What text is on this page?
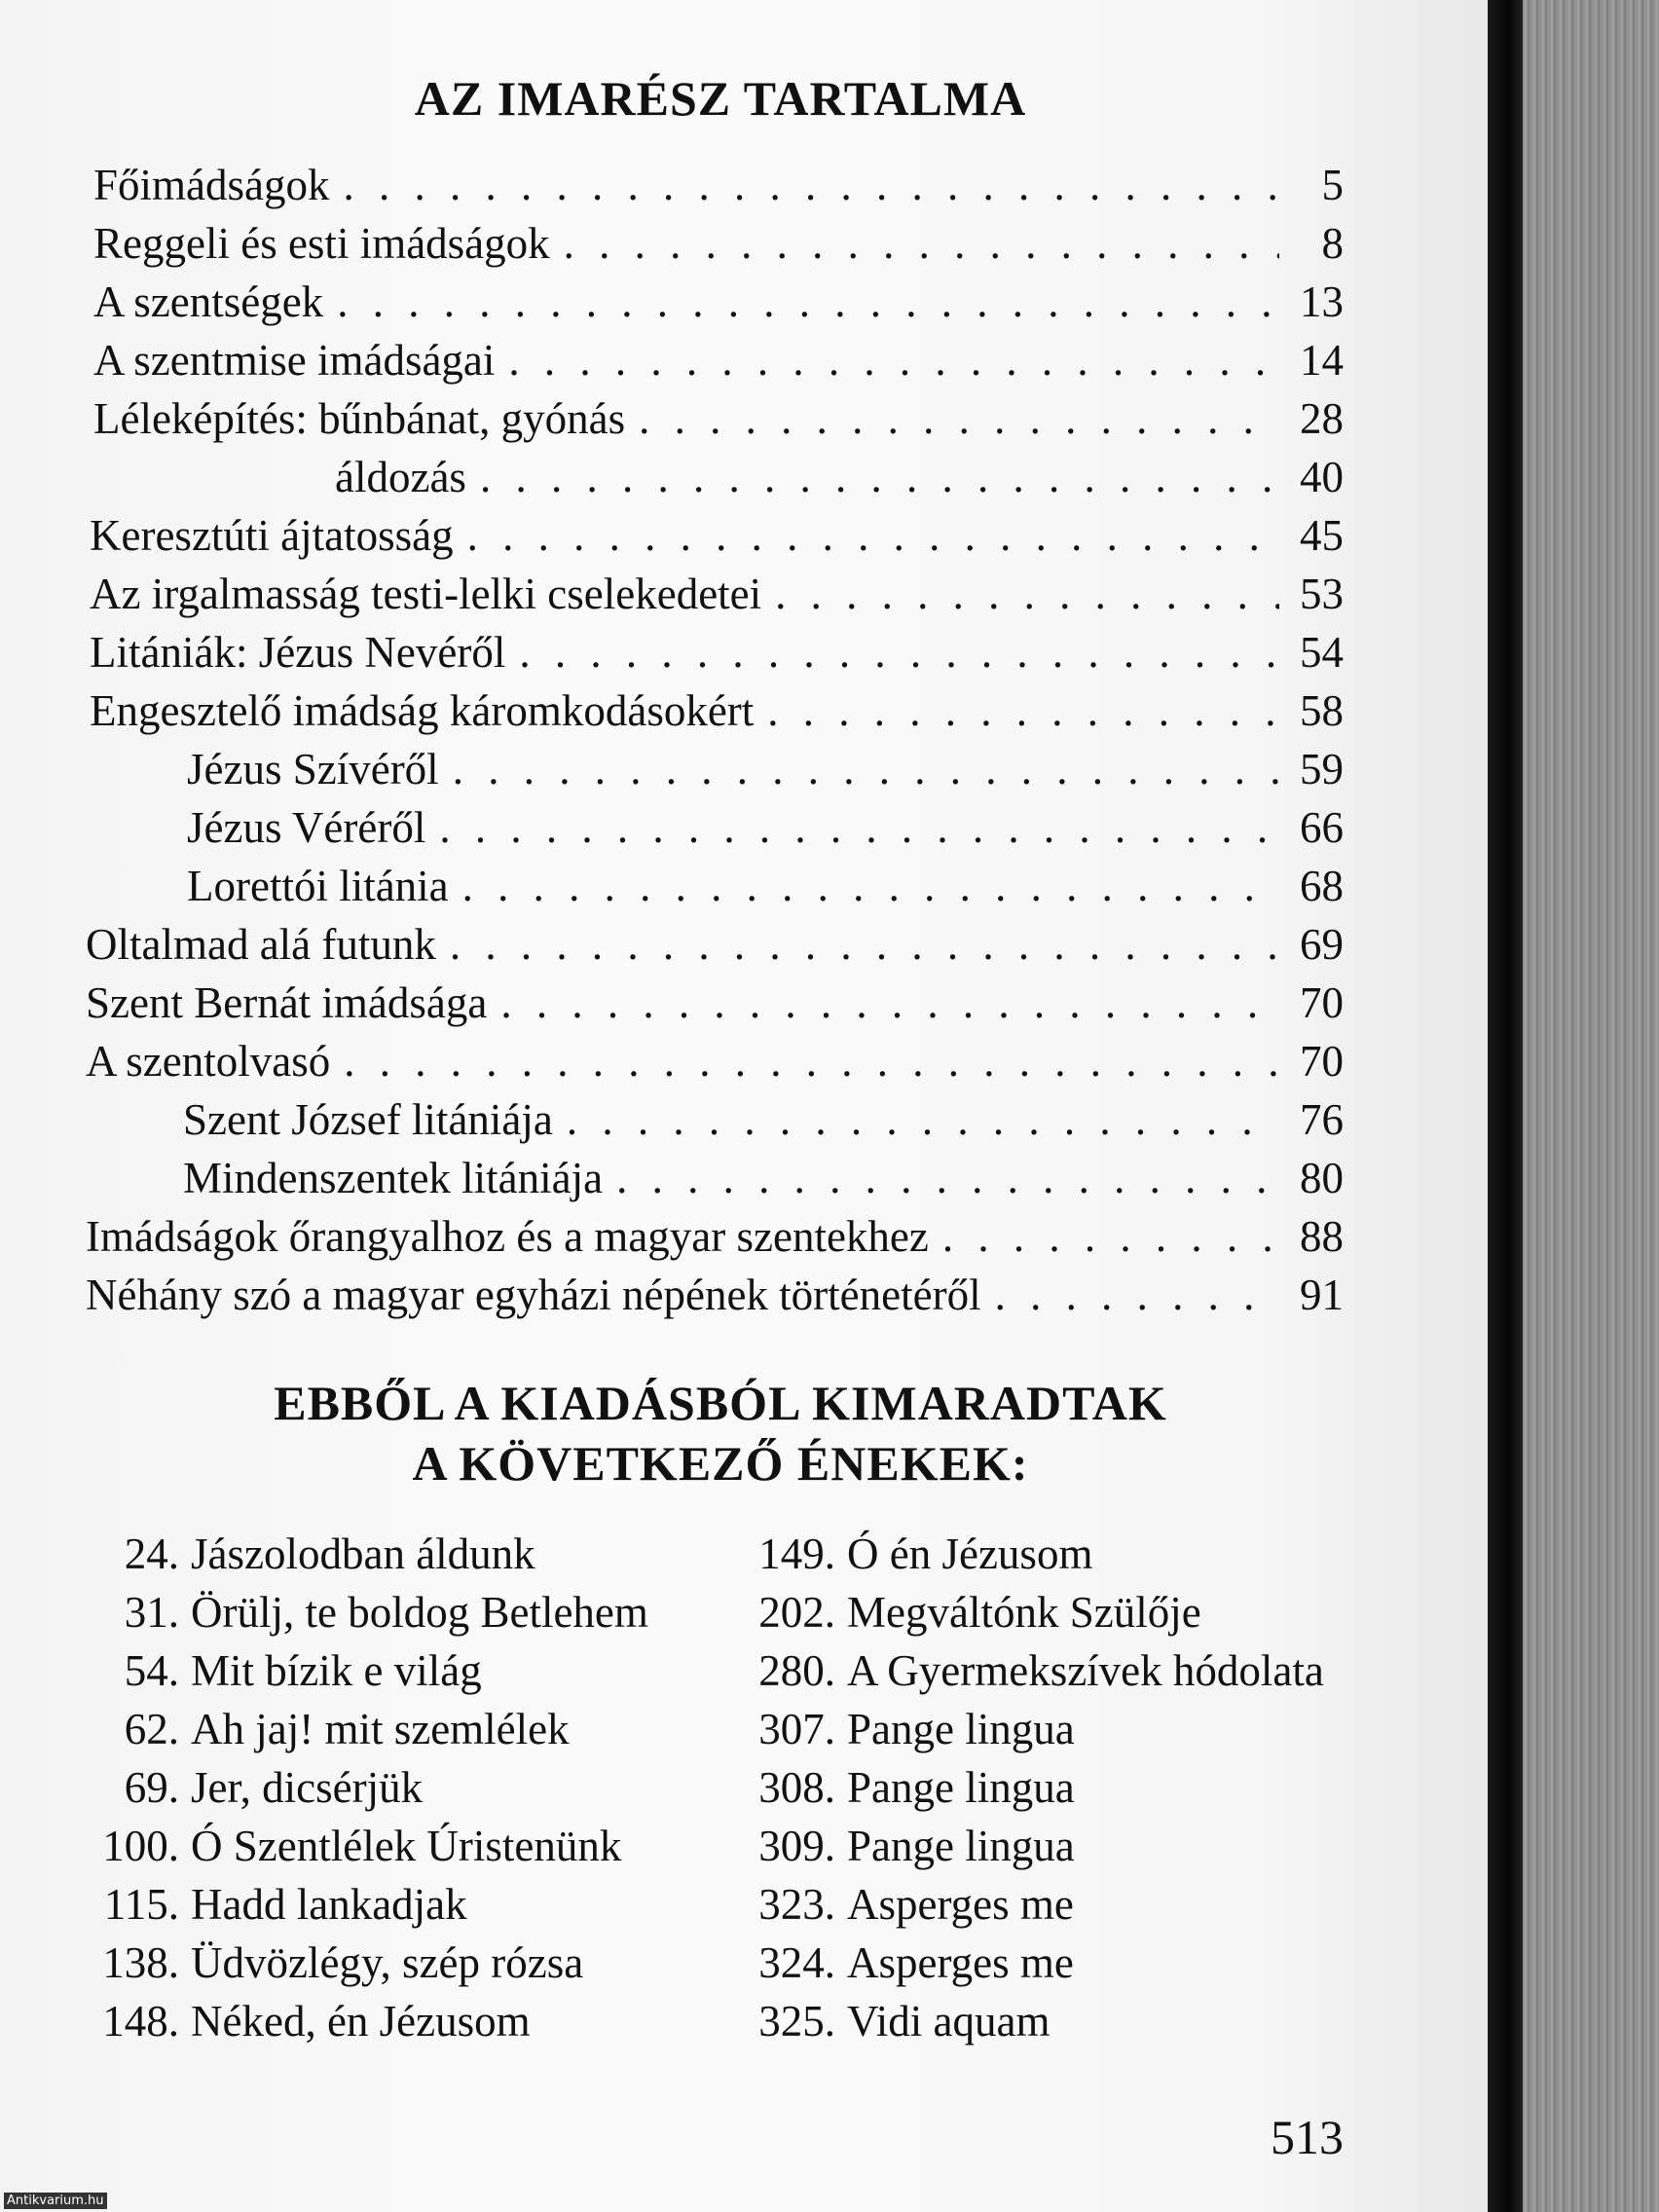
AZ IMARÉSZ TARTALMA
Főimádságok . . .	5
Reggeli és esti imádságok . . .	8
A szentségek . . .	13
A szentmise imádságai . . .	14
Léleképítés: bűnbánat, gyónás . . .	28
áldozás . . .	40
Keresztúti ájtatosság . . .	45
Az irgalmasság testi-lelki cselekedetei . . .	53
Litániák: Jézus Nevéről . . .	54
Engesztelő imádság káromkodásokért . . .	58
Jézus Szívéről . . .	59
Jézus Véréről . . .	66
Lorettói litánia . . .	68
Oltalmad alá futunk . . .	69
Szent Bernát imádsága . . .	70
A szentolvasó . . .	70
Szent József litániája . . .	76
Mindenszentek litániája . . .	80
Imádságok őrangyalhoz és a magyar szentekhez . . .	88
Néhány szó a magyar egyházi népének történetéről . . .	91
EBBŐL A KIADÁSBÓL KIMARADTAK
A KÖVETKEZŐ ÉNEKEK:
24. Jászolodban áldunk
31. Örülj, te boldog Betlehem
54. Mit bízik e világ
62. Ah jaj! mit szemlélek
69. Jer, dicsérjük
100. Ó Szentlélek Úristenünk
115. Hadd lankadjak
138. Üdvözlégy, szép rózsa
148. Néked, én Jézusom
149. Ó én Jézusom
202. Megváltónk Szülője
280. A Gyermekszívek hódolata
307. Pange lingua
308. Pange lingua
309. Pange lingua
323. Asperges me
324. Asperges me
325. Vidi aquam
513
Antikvarium.hu
